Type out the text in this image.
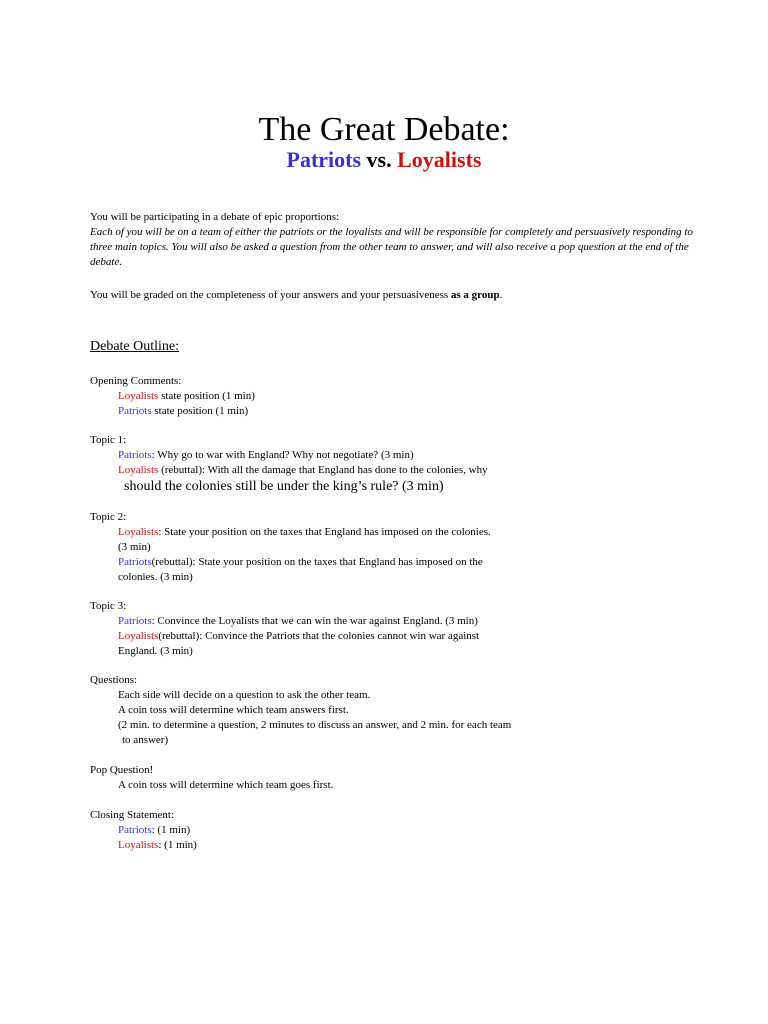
The Great Debate:
Patriots vs. Loyalists

You will be participating in a debate of epic proportions:

Each of you will be on a team of either the patriots or the loyalists and will be responsible for completely and persuasively responding to three main topics. You will also be asked a question from the other team to answer, and will also receive a pop question at the end of the debate.

You will be graded on the completeness of your answers and your persuasiveness as a group.

Debate Outline:

Opening Comments:

Loyalists state position (1 min)

Patriots state position (1 min)

Topic 1:

Patriots: Why go to war with England? Why not negotiate? (3 min)

Loyalists (rebuttal): With all the damage that England has done to the colonies, why

should the colonies still be under the king’s rule? (3 min)

Topic 2:

Loyalists: State your position on the taxes that England has imposed on the colonies.

(3 min)

Patriots(rebuttal): State your position on the taxes that England has imposed on the

colonies. (3 min)

Topic 3:

Patriots: Convince the Loyalists that we can win the war against England. (3 min)

Loyalists(rebuttal): Convince the Patriots that the colonies cannot win war against

England. (3 min)

Questions:

Each side will decide on a question to ask the other team.

A coin toss will determine which team answers first.

(2 min. to determine a question, 2 minutes to discuss an answer, and 2 min. for each team

to answer)

Pop Question!

A coin toss will determine which team goes first.

Closing Statement:

Patriots: (1 min)

Loyalists: (1 min)
